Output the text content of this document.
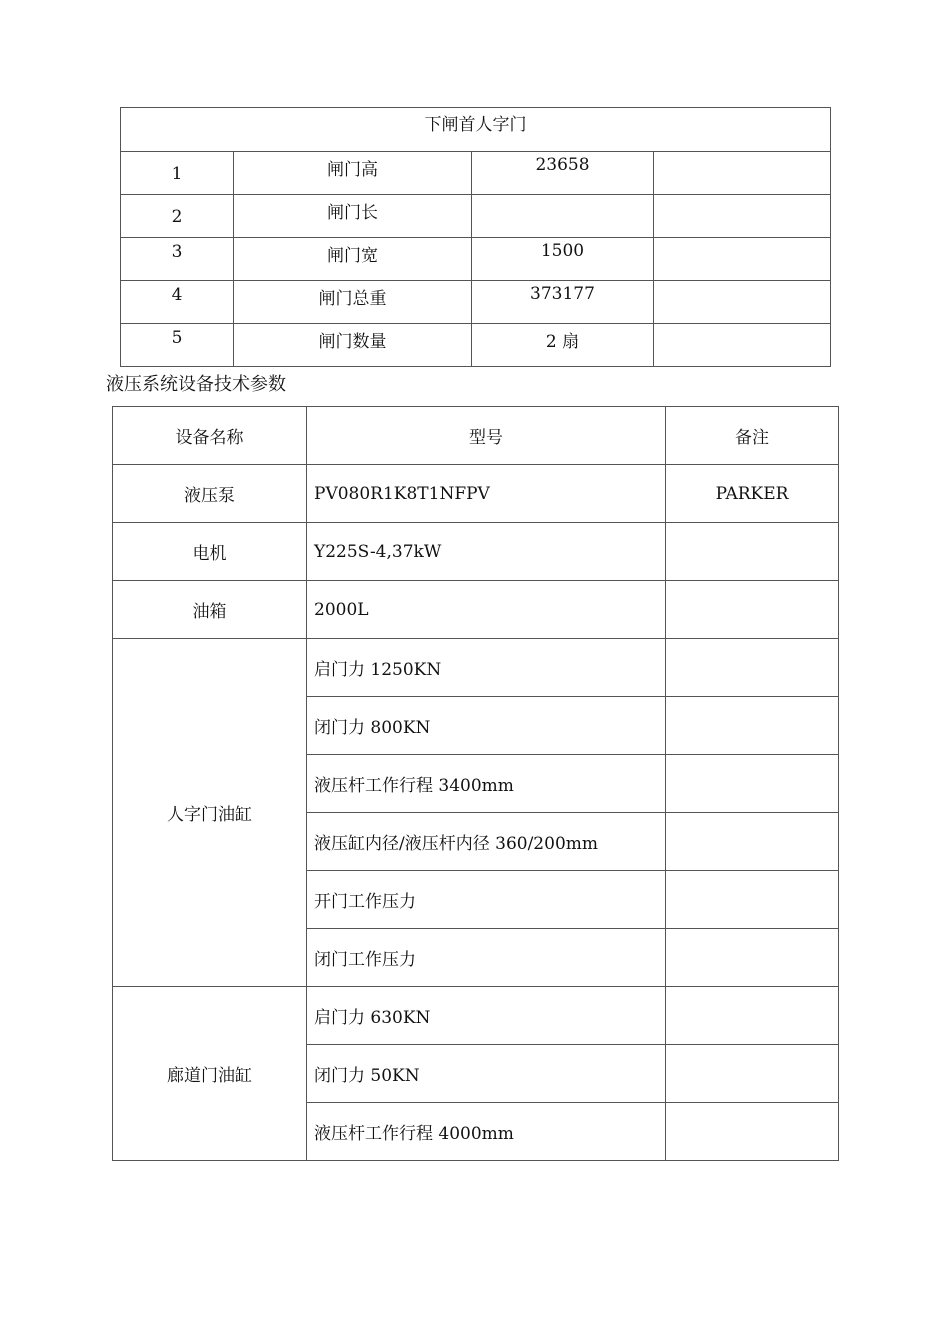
下闸首人字门			
1	闸门高	23658	
2	闸门长		
3	闸门宽	1500	
4	闸门总重	373177	
5	闸门数量	2 扇	
液压系统设备技术参数
设备名称	型号	备注
液压泵	PV080R1K8T1NFPV	PARKER
电机	Y225S-4,37kW	
油箱	2000L	
人字门油缸	启门力 1250KN	
	闭门力 800KN	
	液压杆工作行程 3400mm	
	液压缸内径/液压杆内径 360/200mm	
	开门工作压力	
	闭门工作压力	
廊道门油缸	启门力 630KN	
	闭门力 50KN	
	液压杆工作行程 4000mm	
